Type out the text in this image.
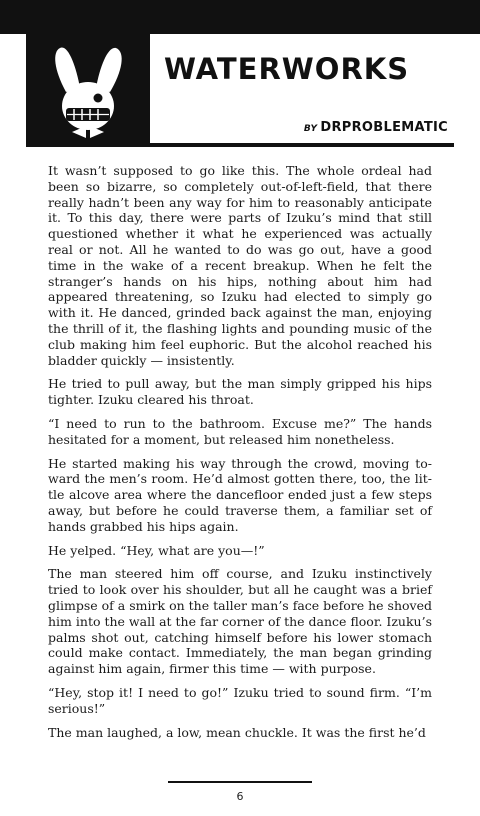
WATERWORKS
BY DRPROBLEMATIC

It wasn’t supposed to go like this. The whole ordeal had been so bizarre, so completely out-of-left-field, that there really hadn’t been any way for him to reasonably anticipate it. To this day, there were parts of Izuku’s mind that still questioned whether it what he experienced was actually real or not. All he wanted to do was go out, have a good time in the wake of a recent breakup. When he felt the stranger’s hands on his hips, nothing about him had appeared threatening, so Izuku had elected to simply go with it. He danced, grinded back against the man, enjoying the thrill of it, the flashing lights and pounding music of the club making him feel euphoric. But the alcohol reached his bladder quickly — insistently.

He tried to pull away, but the man simply gripped his hips tighter. Izuku cleared his throat.

“I need to run to the bathroom. Excuse me?” The hands hesitated for a moment, but released him nonetheless.

He started making his way through the crowd, moving toward the men’s room. He’d almost gotten there, too, the little alcove area where the dancefloor ended just a few steps away, but before he could traverse them, a familiar set of hands grabbed his hips again.

He yelped. “Hey, what are you—!”

The man steered him off course, and Izuku instinctively tried to look over his shoulder, but all he caught was a brief glimpse of a smirk on the taller man’s face before he shoved him into the wall at the far corner of the dance floor. Izuku’s palms shot out, catching himself before his lower stomach could make contact. Immediately, the man began grinding against him again, firmer this time — with purpose.

“Hey, stop it! I need to go!” Izuku tried to sound firm. “I’m serious!”

The man laughed, a low, mean chuckle. It was the first he’d

6
